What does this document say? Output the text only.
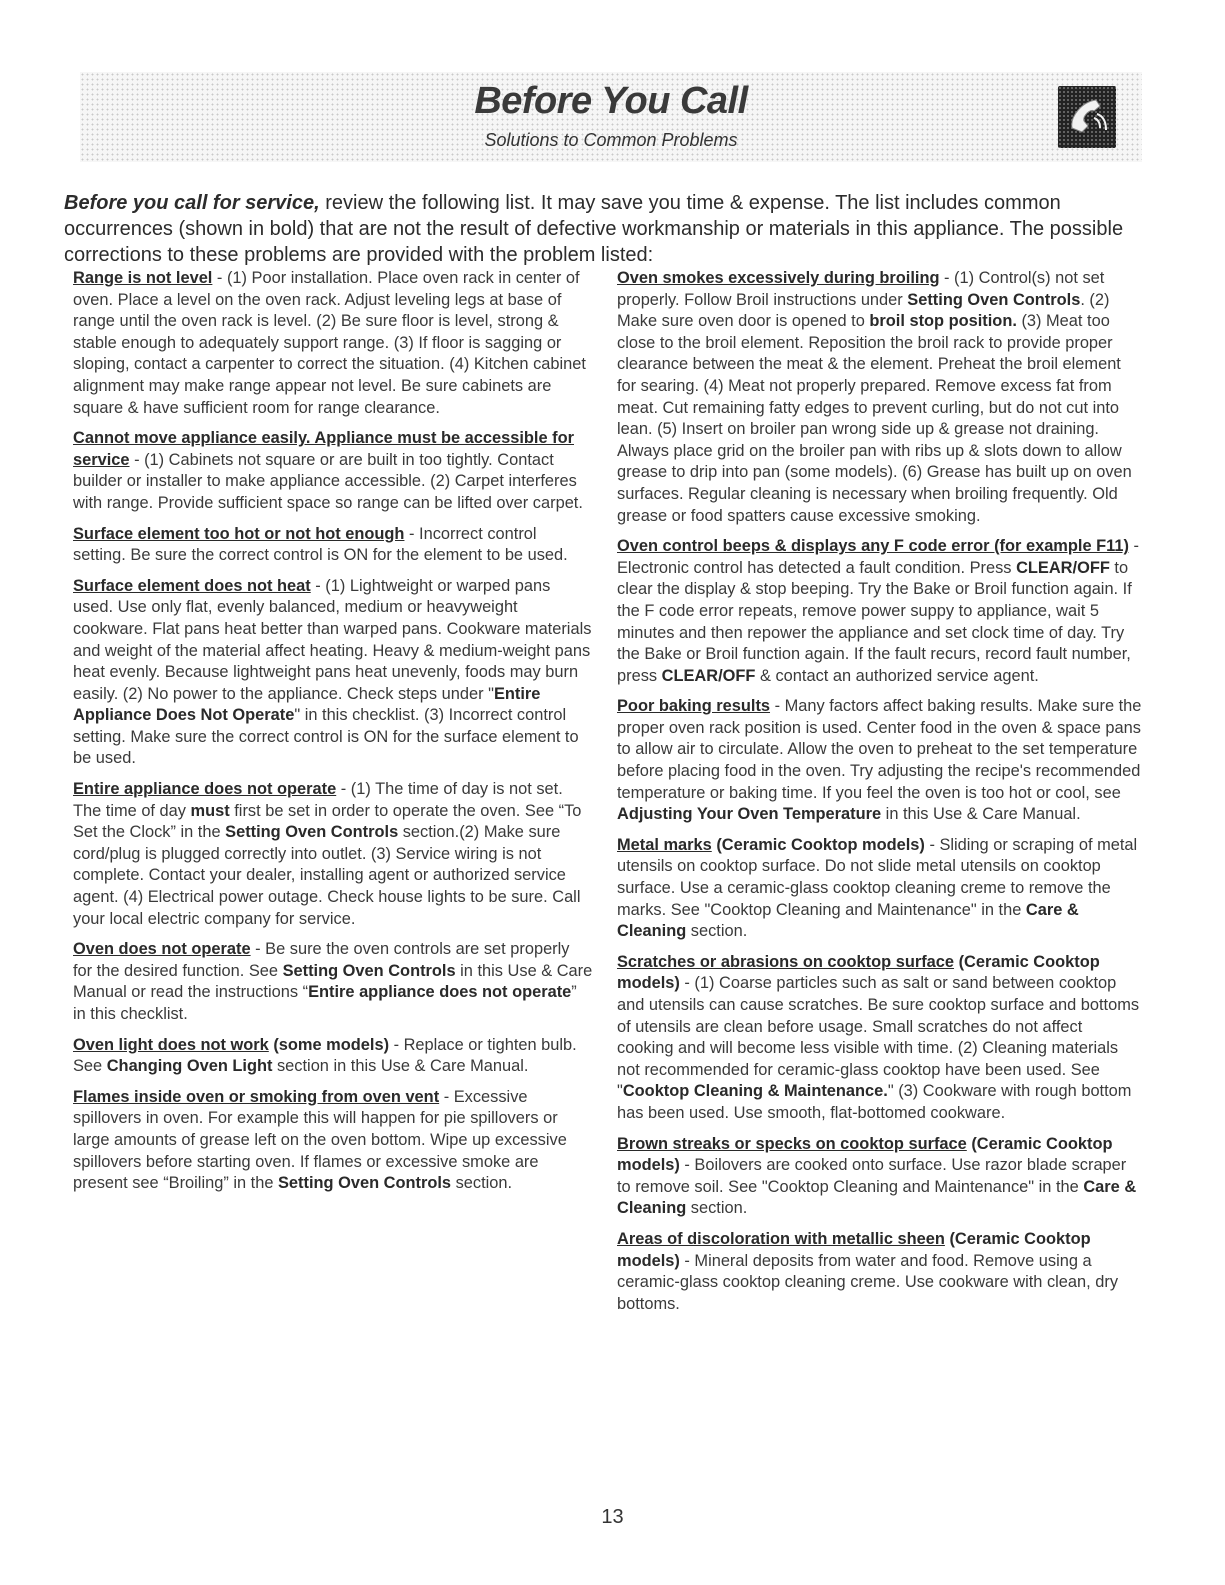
Before You Call
Solutions to Common Problems
Before you call for service, review the following list. It may save you time & expense. The list includes common occurrences (shown in bold) that are not the result of defective workmanship or materials in this appliance. The possible corrections to these problems are provided with the problem listed:

Range is not level - (1) Poor installation. Place oven rack in center of oven. Place a level on the oven rack. Adjust leveling legs at base of range until the oven rack is level. (2) Be sure floor is level, strong & stable enough to adequately support range. (3) If floor is sagging or sloping, contact a carpenter to correct the situation. (4) Kitchen cabinet alignment may make range appear not level. Be sure cabinets are square & have sufficient room for range clearance.

Cannot move appliance easily. Appliance must be accessible for service - (1) Cabinets not square or are built in too tightly. Contact builder or installer to make appliance accessible. (2) Carpet interferes with range. Provide sufficient space so range can be lifted over carpet.

Surface element too hot or not hot enough - Incorrect control setting. Be sure the correct control is ON for the element to be used.

Surface element does not heat - (1) Lightweight or warped pans used. Use only flat, evenly balanced, medium or heavyweight cookware. Flat pans heat better than warped pans. Cookware materials and weight of the material affect heating. Heavy & medium-weight pans heat evenly. Because lightweight pans heat unevenly, foods may burn easily. (2) No power to the appliance. Check steps under "Entire Appliance Does Not Operate" in this checklist. (3) Incorrect control setting. Make sure the correct control is ON for the surface element to be used.

Entire appliance does not operate - (1) The time of day is not set. The time of day must first be set in order to operate the oven. See “To Set the Clock” in the Setting Oven Controls section.(2) Make sure cord/plug is plugged correctly into outlet. (3) Service wiring is not complete. Contact your dealer, installing agent or authorized service agent. (4) Electrical power outage. Check house lights to be sure. Call your local electric company for service.

Oven does not operate - Be sure the oven controls are set properly for the desired function. See Setting Oven Controls in this Use & Care Manual or read the instructions “Entire appliance does not operate” in this checklist.

Oven light does not work (some models) - Replace or tighten bulb. See Changing Oven Light section in this Use & Care Manual.

Flames inside oven or smoking from oven vent - Excessive spillovers in oven. For example this will happen for pie spillovers or large amounts of grease left on the oven bottom. Wipe up excessive spillovers before starting oven. If flames or excessive smoke are present see “Broiling” in the Setting Oven Controls section.

Oven smokes excessively during broiling - (1) Control(s) not set properly. Follow Broil instructions under Setting Oven Controls. (2) Make sure oven door is opened to broil stop position. (3) Meat too close to the broil element. Reposition the broil rack to provide proper clearance between the meat & the element. Preheat the broil element for searing. (4) Meat not properly prepared. Remove excess fat from meat. Cut remaining fatty edges to prevent curling, but do not cut into lean. (5) Insert on broiler pan wrong side up & grease not draining. Always place grid on the broiler pan with ribs up & slots down to allow grease to drip into pan (some models). (6) Grease has built up on oven surfaces. Regular cleaning is necessary when broiling frequently. Old grease or food spatters cause excessive smoking.

Oven control beeps & displays any F code error (for example F11) - Electronic control has detected a fault condition. Press CLEAR/OFF to clear the display & stop beeping. Try the Bake or Broil function again. If the F code error repeats, remove power suppy to appliance, wait 5 minutes and then repower the appliance and set clock time of day. Try the Bake or Broil function again. If the fault recurs, record fault number, press CLEAR/OFF & contact an authorized service agent.

Poor baking results - Many factors affect baking results. Make sure the proper oven rack position is used. Center food in the oven & space pans to allow air to circulate. Allow the oven to preheat to the set temperature before placing food in the oven. Try adjusting the recipe's recommended temperature or baking time. If you feel the oven is too hot or cool, see Adjusting Your Oven Temperature in this Use & Care Manual.

Metal marks (Ceramic Cooktop models) - Sliding or scraping of metal utensils on cooktop surface. Do not slide metal utensils on cooktop surface. Use a ceramic-glass cooktop cleaning creme to remove the marks. See "Cooktop Cleaning and Maintenance" in the Care & Cleaning section.

Scratches or abrasions on cooktop surface (Ceramic Cooktop models) - (1) Coarse particles such as salt or sand between cooktop and utensils can cause scratches. Be sure cooktop surface and bottoms of utensils are clean before usage. Small scratches do not affect cooking and will become less visible with time. (2) Cleaning materials not recommended for ceramic-glass cooktop have been used. See "Cooktop Cleaning & Maintenance." (3) Cookware with rough bottom has been used. Use smooth, flat-bottomed cookware.

Brown streaks or specks on cooktop surface (Ceramic Cooktop models) - Boilovers are cooked onto surface. Use razor blade scraper to remove soil. See "Cooktop Cleaning and Maintenance" in the Care & Cleaning section.

Areas of discoloration with metallic sheen (Ceramic Cooktop models) - Mineral deposits from water and food. Remove using a ceramic-glass cooktop cleaning creme. Use cookware with clean, dry bottoms.

13
